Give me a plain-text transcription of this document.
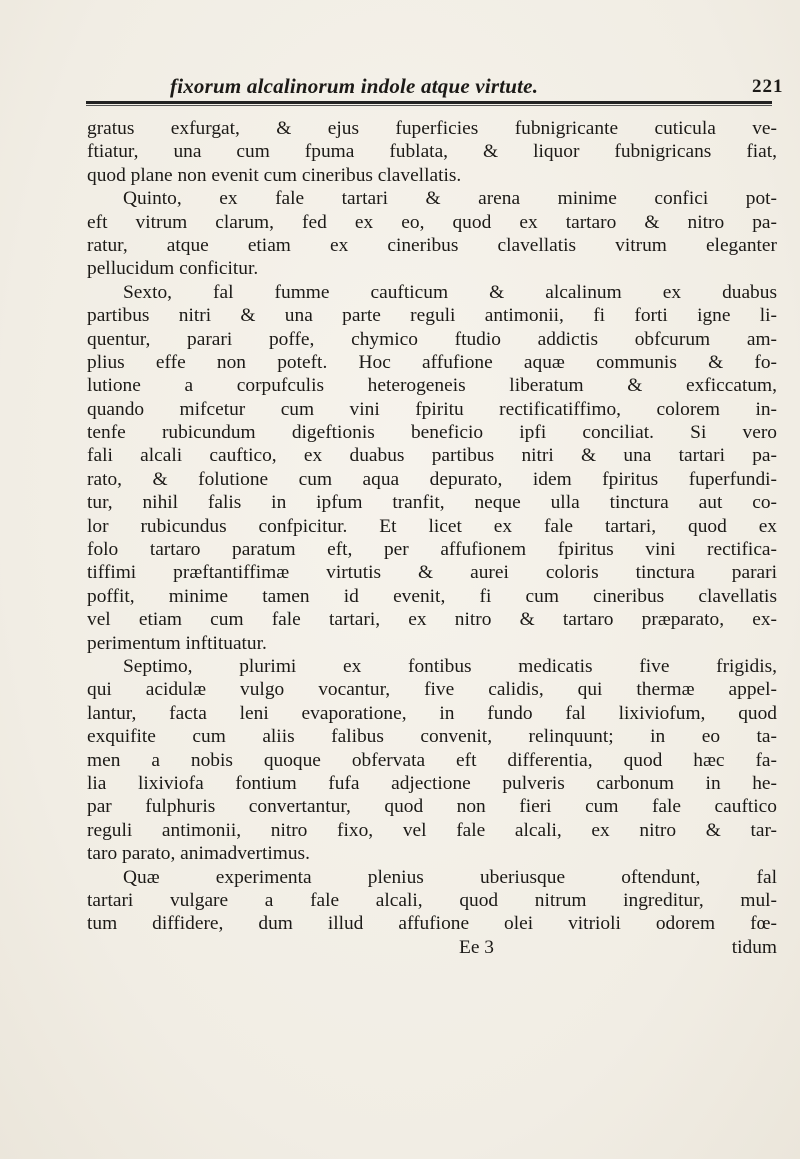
fixorum alcalinorum indole atque virtute.	221
gratus exfurgat, & ejus fuperficies fubnigricante cuticula ve-
ftiatur, una cum fpuma fublata, & liquor fubnigricans fiat,
quod plane non evenit cum cineribus clavellatis.
Quinto, ex fale tartari & arena minime confici pot-
eft vitrum clarum, fed ex eo, quod ex tartaro & nitro pa-
ratur, atque etiam ex cineribus clavellatis vitrum eleganter
pellucidum conficitur.
Sexto, fal fumme caufticum & alcalinum ex duabus
partibus nitri & una parte reguli antimonii, fi forti igne li-
quentur, parari poffe, chymico ftudio addictis obfcurum am-
plius effe non poteft. Hoc affufione aquæ communis & fo-
lutione a corpufculis heterogeneis liberatum & exficcatum,
quando mifcetur cum vini fpiritu rectificatiffimo, colorem in-
tenfe rubicundum digeftionis beneficio ipfi conciliat. Si vero
fali alcali cauftico, ex duabus partibus nitri & una tartari pa-
rato, & folutione cum aqua depurato, idem fpiritus fuperfundi-
tur, nihil falis in ipfum tranfit, neque ulla tinctura aut co-
lor rubicundus confpicitur. Et licet ex fale tartari, quod ex
folo tartaro paratum eft, per affufionem fpiritus vini rectifica-
tiffimi præftantiffimæ virtutis & aurei coloris tinctura parari
poffit, minime tamen id evenit, fi cum cineribus clavellatis
vel etiam cum fale tartari, ex nitro & tartaro præparato, ex-
perimentum inftituatur.
Septimo, plurimi ex fontibus medicatis five frigidis,
qui acidulæ vulgo vocantur, five calidis, qui thermæ appel-
lantur, facta leni evaporatione, in fundo fal lixiviofum, quod
exquifite cum aliis falibus convenit, relinquunt; in eo ta-
men a nobis quoque obfervata eft differentia, quod hæc fa-
lia lixiviofa fontium fufa adjectione pulveris carbonum in he-
par fulphuris convertantur, quod non fieri cum fale cauftico
reguli antimonii, nitro fixo, vel fale alcali, ex nitro & tar-
taro parato, animadvertimus.
Quæ experimenta plenius uberiusque oftendunt, fal
tartari vulgare a fale alcali, quod nitrum ingreditur, mul-
tum diffidere, dum illud affufione olei vitrioli odorem fœ-
Ee 3	tidum
